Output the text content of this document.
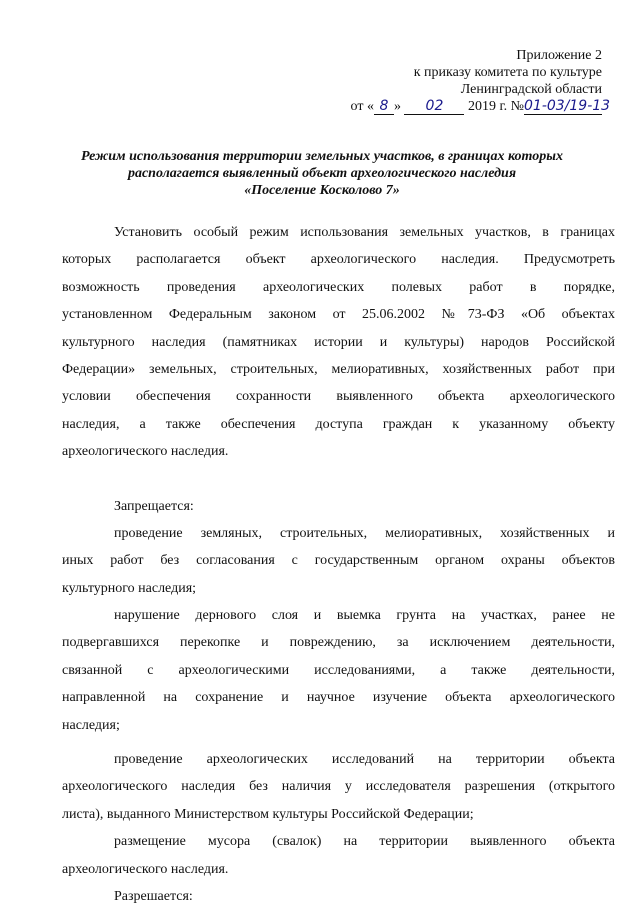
Приложение 2
к приказу комитета по культуре
Ленинградской области
от « 8 » 02 2019 г. №01-03/19-13
Режим использования территории земельных участков, в границах которых
располагается выявленный объект археологического наследия
«Поселение Косколово 7»
Установить особый режим использования земельных участков, в границах
которых располагается объект археологического наследия. Предусмотреть
возможность проведения археологических полевых работ в порядке,
установленном Федеральным законом от 25.06.2002 №73-ФЗ «Об объектах
культурного наследия (памятниках истории и культуры) народов Российской
Федерации» земельных, строительных, мелиоративных, хозяйственных работ при
условии обеспечения сохранности выявленного объекта археологического
наследия, а также обеспечения доступа граждан к указанному объекту
археологического наследия.
Запрещается:
проведение земляных, строительных, мелиоративных, хозяйственных и
иных работ без согласования с государственным органом охраны объектов
культурного наследия;
нарушение дернового слоя и выемка грунта на участках, ранее не
подвергавшихся перекопке и повреждению, за исключением деятельности,
связанной с археологическими исследованиями, а также деятельности,
направленной на сохранение и научное изучение объекта археологического
наследия;
проведение археологических исследований на территории объекта
археологического наследия без наличия у исследователя разрешения (открытого
листа), выданного Министерством культуры Российской Федерации;
размещение мусора (свалок) на территории выявленного объекта
археологического наследия.
Разрешается:
